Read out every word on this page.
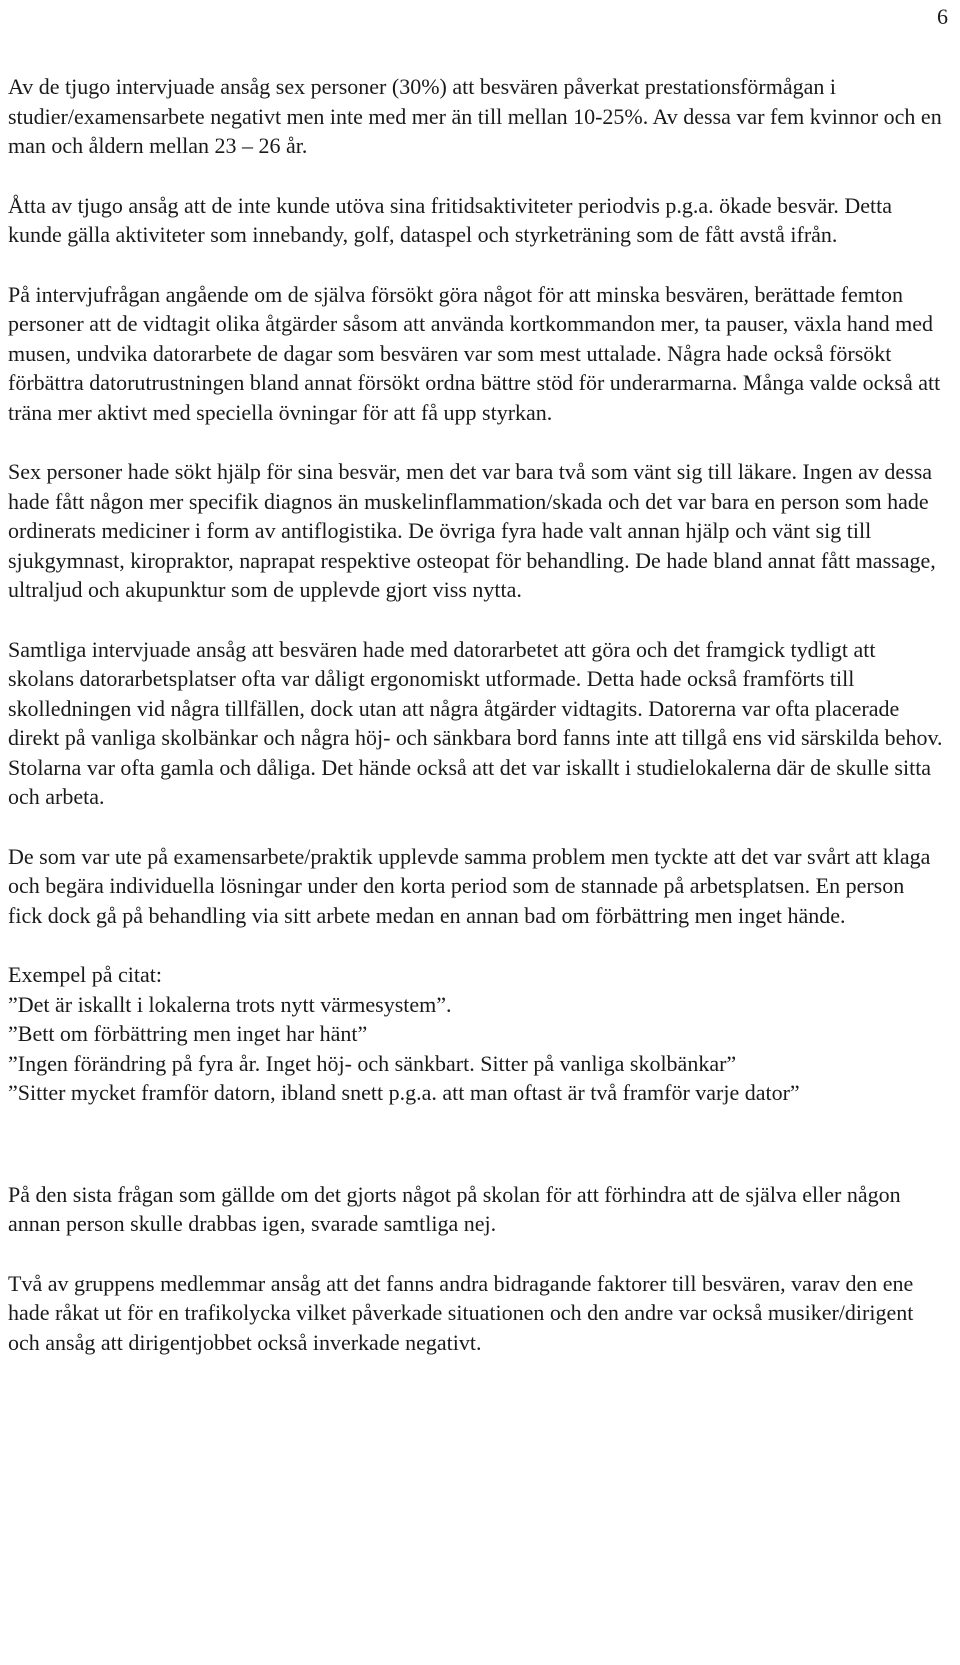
6

Av de tjugo intervjuade ansåg sex personer (30%) att besvären påverkat prestationsförmågan i studier/examensarbete negativt men inte med mer än till mellan 10-25%. Av dessa var fem kvinnor och en man och åldern mellan 23 – 26 år.

Åtta av tjugo ansåg att de inte kunde utöva sina fritidsaktiviteter periodvis p.g.a. ökade besvär. Detta kunde gälla aktiviteter som innebandy, golf, dataspel och styrketräning som de fått avstå ifrån.

På intervjufrågan angående om de själva försökt göra något för att minska besvären, berättade femton personer att de vidtagit olika åtgärder såsom att använda kortkommandon mer, ta pauser, växla hand med musen, undvika datorarbete de dagar som besvären var som mest uttalade. Några hade också försökt förbättra datorutrustningen bland annat försökt ordna bättre stöd för underarmarna. Många valde också att träna mer aktivt med speciella övningar för att få upp styrkan.

Sex personer hade sökt hjälp för sina besvär, men det var bara två som vänt sig till läkare. Ingen av dessa hade fått någon mer specifik diagnos än muskelinflammation/skada och det var bara en person som hade ordinerats mediciner i form av antiflogistika. De övriga fyra hade valt annan hjälp och vänt sig till sjukgymnast, kiropraktor, naprapat respektive osteopat för behandling. De hade bland annat fått massage, ultraljud och akupunktur som de upplevde gjort viss nytta.

Samtliga intervjuade ansåg att besvären hade med datorarbetet att göra och det framgick tydligt att skolans datorarbetsplatser ofta var dåligt ergonomiskt utformade. Detta hade också framförts till skolledningen vid några tillfällen, dock utan att några åtgärder vidtagits. Datorerna var ofta placerade direkt på vanliga skolbänkar och några höj- och sänkbara bord fanns inte att tillgå ens vid särskilda behov. Stolarna var ofta gamla och dåliga. Det hände också att det var iskallt i studielokalerna där de skulle sitta och arbeta.

De som var ute på examensarbete/praktik upplevde samma problem men tyckte att det var svårt att klaga och begära individuella lösningar under den korta period som de stannade på arbetsplatsen. En person fick dock gå på behandling via sitt arbete medan en annan bad om förbättring men inget hände.

Exempel på citat:

”Det är iskallt i lokalerna trots nytt värmesystem”.
”Bett om förbättring men inget har hänt”
”Ingen förändring på fyra år. Inget höj- och sänkbart. Sitter på vanliga skolbänkar”
”Sitter mycket framför datorn, ibland snett p.g.a. att man oftast är två framför varje dator”

På den sista frågan som gällde om det gjorts något på skolan för att förhindra att de själva eller någon annan person skulle drabbas igen, svarade samtliga nej.

Två av gruppens medlemmar ansåg att det fanns andra bidragande faktorer till besvären, varav den ene hade råkat ut för en trafikolycka vilket påverkade situationen och den andre var också musiker/dirigent och ansåg att dirigentjobbet också inverkade negativt.
